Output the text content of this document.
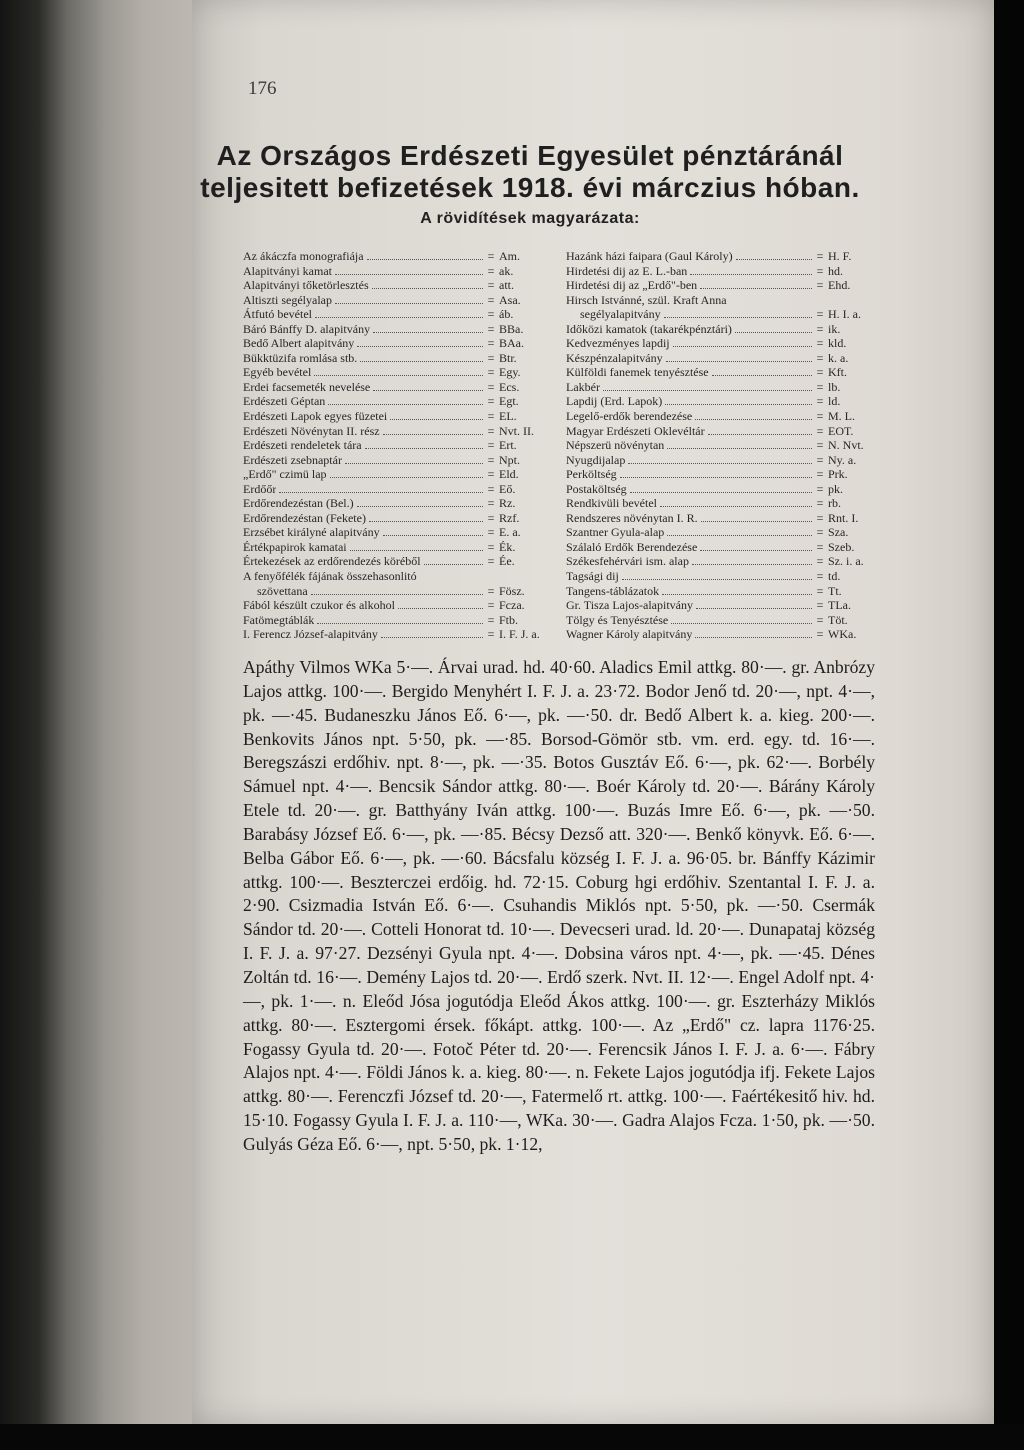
176
Az Országos Erdészeti Egyesület pénztáránál
teljesitett befizetések 1918. évi márczius hóban.
A rövidítések magyarázata:
Az ákáczfa monografiája	= Am.
Alapitványi kamat	= ak.
Alapitványi tőketörlesztés	= att.
Altiszti segélyalap	= Asa.
Átfutó bevétel	= áb.
Báró Bánffy D. alapitvány	= BBa.
Bedő Albert alapitvány	= BAa.
Bükktüzifa romlása stb.	= Btr.
Egyéb bevétel	= Egy.
Erdei facsemeték nevelése	= Ecs.
Erdészeti Géptan	= Egt.
Erdészeti Lapok egyes füzetei	= EL.
Erdészeti Növénytan II. rész	= Nvt. II.
Erdészeti rendeletek tára	= Ert.
Erdészeti zsebnaptár	= Npt.
„Erdő" czimü lap	= Eld.
Erdőőr	= Eő.
Erdőrendezéstan (Bel.)	= Rz.
Erdőrendezéstan (Fekete)	= Rzf.
Erzsébet királyné alapitvány	= E. a.
Értékpapirok kamatai	= Ék.
Értekezések az erdőrendezés köréből	= Ée.
A fenyőfélék fájának összehasonlitó
szövettana	= Fösz.
Fából készült czukor és alkohol	= Fcza.
Fatömegtáblák	= Ftb.
I. Ferencz József-alapitvány	= I. F. J. a.
Hazánk házi faipara (Gaul Károly)	= H. F.
Hirdetési dij az E. L.-ban	= hd.
Hirdetési dij az „Erdő"-ben	= Ehd.
Hirsch Istvánné, szül. Kraft Anna
segélyalapitvány	= H. I. a.
Időközi kamatok (takarékpénztári)	= ik.
Kedvezményes lapdij	= kld.
Készpénzalapitvány	= k. a.
Külföldi fanemek tenyésztése	= Kft.
Lakbér	= lb.
Lapdij (Erd. Lapok)	= ld.
Legelő-erdők berendezése	= M. L.
Magyar Erdészeti Oklevéltár	= EOT.
Népszerü növénytan	= N. Nvt.
Nyugdijalap	= Ny. a.
Perköltség	= Prk.
Postaköltség	= pk.
Rendkivüli bevétel	= rb.
Rendszeres növénytan I. R.	= Rnt. I.
Szantner Gyula-alap	= Sza.
Szálaló Erdők Berendezése	= Szeb.
Székesfehérvári ism. alap	= Sz. i. a.
Tagsági dij	= td.
Tangens-táblázatok	= Tt.
Gr. Tisza Lajos-alapitvány	= TLa.
Tölgy és Tenyésztése	= Töt.
Wagner Károly alapitvány	= WKa.

Apáthy Vilmos WKa 5·—. Árvai urad. hd. 40·60. Aladics Emil attkg. 80·—. gr. Anbrózy Lajos attkg. 100·—. Bergido Menyhért I. F. J. a. 23·72. Bodor Jenő td. 20·—, npt. 4·—, pk. —·45. Budaneszku János Eő. 6·—, pk. —·50. dr. Bedő Albert k. a. kieg. 200·—. Benkovits János npt. 5·50, pk. —·85. Borsod-Gömör stb. vm. erd. egy. td. 16·—. Beregszászi erdőhiv. npt. 8·—, pk. —·35. Botos Gusztáv Eő. 6·—, pk. 62·—. Borbély Sámuel npt. 4·—. Bencsik Sándor attkg. 80·—. Boér Károly td. 20·—. Bárány Károly Etele td. 20·—. gr. Batthyány Iván attkg. 100·—. Buzás Imre Eő. 6·—, pk. —·50. Barabásy József Eő. 6·—, pk. —·85. Bécsy Dezső att. 320·—. Benkő könyvk. Eő. 6·—. Belba Gábor Eő. 6·—, pk. —·60. Bácsfalu község I. F. J. a. 96·05. br. Bánffy Kázimir attkg. 100·—. Beszterczei erdőig. hd. 72·15. Coburg hgi erdőhiv. Szentantal I. F. J. a. 2·90. Csizmadia István Eő. 6·—. Csuhandis Miklós npt. 5·50, pk. —·50. Csermák Sándor td. 20·—. Cotteli Honorat td. 10·—. Devecseri urad. ld. 20·—. Dunapataj község I. F. J. a. 97·27. Dezsényi Gyula npt. 4·—. Dobsina város npt. 4·—, pk. —·45. Dénes Zoltán td. 16·—. Demény Lajos td. 20·—. Erdő szerk. Nvt. II. 12·—. Engel Adolf npt. 4·—, pk. 1·—. n. Eleőd Jósa jogutódja Eleőd Ákos attkg. 100·—. gr. Eszterházy Miklós attkg. 80·—. Esztergomi érsek. főkápt. attkg. 100·—. Az „Erdő" cz. lapra 1176·25. Fogassy Gyula td. 20·—. Fotoč Péter td. 20·—. Ferencsik János I. F. J. a. 6·—. Fábry Alajos npt. 4·—. Földi János k. a. kieg. 80·—. n. Fekete Lajos jogutódja ifj. Fekete Lajos attkg. 80·—. Ferenczfi József td. 20·—, Fatermelő rt. attkg. 100·—. Faértékesitő hiv. hd. 15·10. Fogassy Gyula I. F. J. a. 110·—, WKa. 30·—. Gadra Alajos Fcza. 1·50, pk. —·50. Gulyás Géza Eő. 6·—, npt. 5·50, pk. 1·12,
